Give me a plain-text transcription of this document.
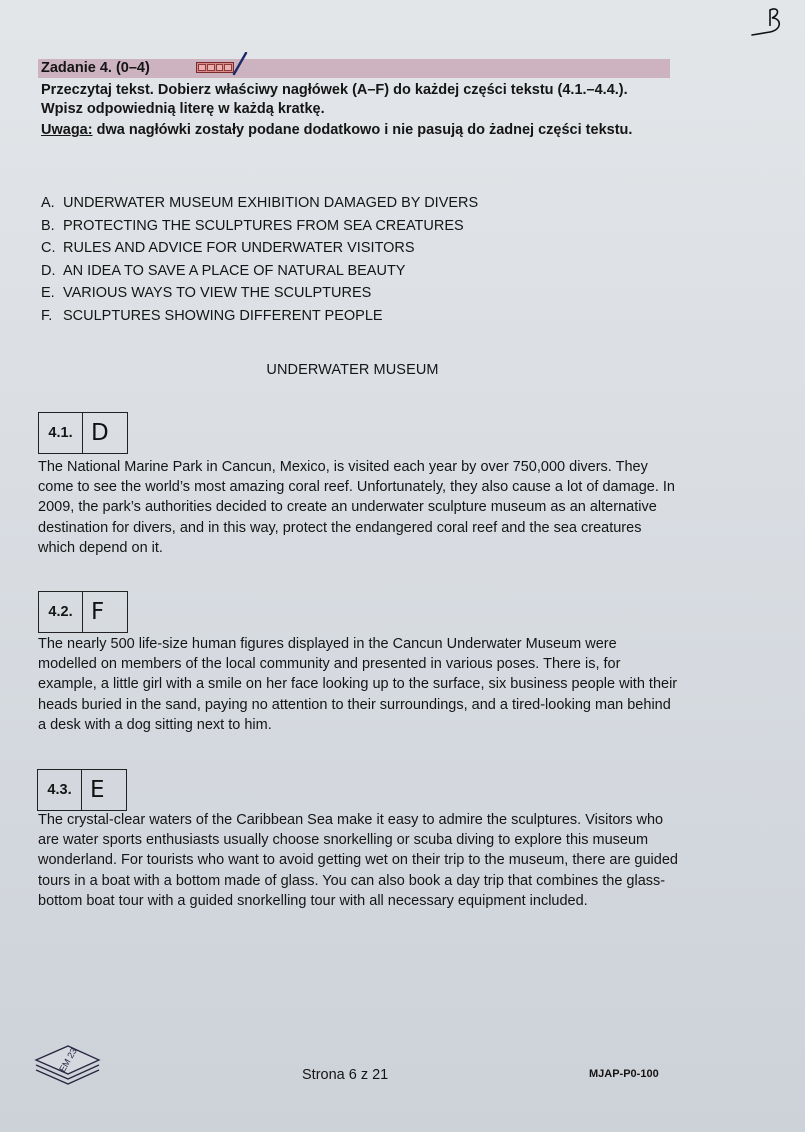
Zadanie 4. (0–4)
Przeczytaj tekst. Dobierz właściwy nagłówek (A–F) do każdej części tekstu (4.1.–4.4.).
Wpisz odpowiednią literę w każdą kratkę.
Uwaga: dwa nagłówki zostały podane dodatkowo i nie pasują do żadnej części tekstu.
A. UNDERWATER MUSEUM EXHIBITION DAMAGED BY DIVERS
B. PROTECTING THE SCULPTURES FROM SEA CREATURES
C. RULES AND ADVICE FOR UNDERWATER VISITORS
D. AN IDEA TO SAVE A PLACE OF NATURAL BEAUTY
E. VARIOUS WAYS TO VIEW THE SCULPTURES
F. SCULPTURES SHOWING DIFFERENT PEOPLE
UNDERWATER MUSEUM
4.1. D
The National Marine Park in Cancun, Mexico, is visited each year by over 750,000 divers. They come to see the world’s most amazing coral reef. Unfortunately, they also cause a lot of damage. In 2009, the park’s authorities decided to create an underwater sculpture museum as an alternative destination for divers, and in this way, protect the endangered coral reef and the sea creatures which depend on it.
4.2. F
The nearly 500 life-size human figures displayed in the Cancun Underwater Museum were modelled on members of the local community and presented in various poses. There is, for example, a little girl with a smile on her face looking up to the surface, six business people with their heads buried in the sand, paying no attention to their surroundings, and a tired-looking man behind a desk with a dog sitting next to him.
4.3. E
The crystal-clear waters of the Caribbean Sea make it easy to admire the sculptures. Visitors who are water sports enthusiasts usually choose snorkelling or scuba diving to explore this museum wonderland. For tourists who want to avoid getting wet on their trip to the museum, there are guided tours in a boat with a bottom made of glass. You can also book a day trip that combines the glass-bottom boat tour with a guided snorkelling tour with all necessary equipment included.
EM 23
Strona 6 z 21	MJAP-P0-100
